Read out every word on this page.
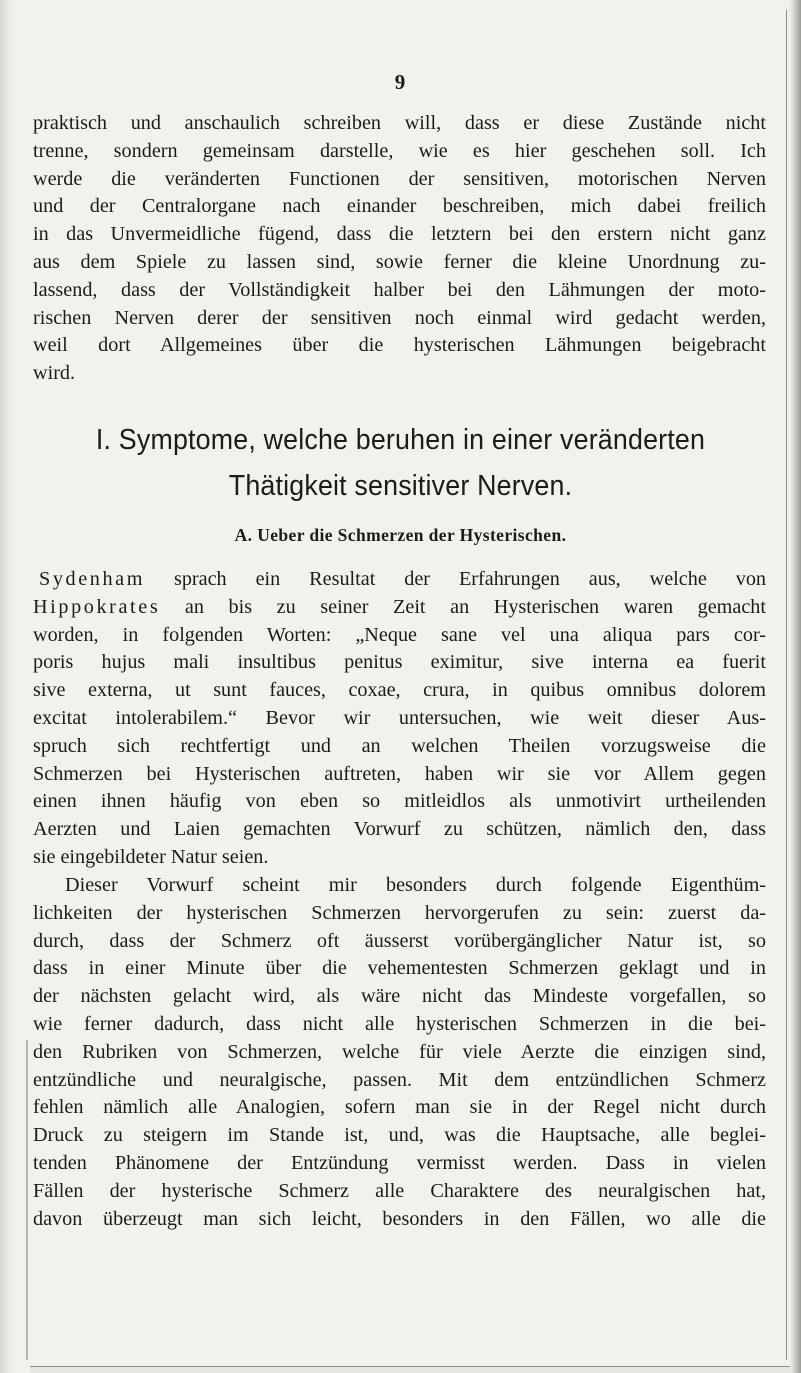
9
praktisch und anschaulich schreiben will, dass er diese Zustände nicht
trenne, sondern gemeinsam darstelle, wie es hier geschehen soll. Ich
werde die veränderten Functionen der sensitiven, motorischen Nerven
und der Centralorgane nach einander beschreiben, mich dabei freilich
in das Unvermeidliche fügend, dass die letztern bei den erstern nicht ganz
aus dem Spiele zu lassen sind, sowie ferner die kleine Unordnung zu-
lassend, dass der Vollständigkeit halber bei den Lähmungen der moto-
rischen Nerven derer der sensitiven noch einmal wird gedacht werden,
weil dort Allgemeines über die hysterischen Lähmungen beigebracht
wird.
I. Symptome, welche beruhen in einer veränderten
Thätigkeit sensitiver Nerven.
A. Ueber die Schmerzen der Hysterischen.
Sydenham sprach ein Resultat der Erfahrungen aus, welche von
Hippokrates an bis zu seiner Zeit an Hysterischen waren gemacht
worden, in folgenden Worten: „Neque sane vel una aliqua pars cor-
poris hujus mali insultibus penitus eximitur, sive interna ea fuerit
sive externa, ut sunt fauces, coxae, crura, in quibus omnibus dolorem
excitat intolerabilem.“ Bevor wir untersuchen, wie weit dieser Aus-
spruch sich rechtfertigt und an welchen Theilen vorzugsweise die
Schmerzen bei Hysterischen auftreten, haben wir sie vor Allem gegen
einen ihnen häufig von eben so mitleidlos als unmotivirt urtheilenden
Aerzten und Laien gemachten Vorwurf zu schützen, nämlich den, dass
sie eingebildeter Natur seien.
Dieser Vorwurf scheint mir besonders durch folgende Eigenthüm-
lichkeiten der hysterischen Schmerzen hervorgerufen zu sein: zuerst da-
durch, dass der Schmerz oft äusserst vorübergänglicher Natur ist, so
dass in einer Minute über die vehementesten Schmerzen geklagt und in
der nächsten gelacht wird, als wäre nicht das Mindeste vorgefallen, so
wie ferner dadurch, dass nicht alle hysterischen Schmerzen in die bei-
den Rubriken von Schmerzen, welche für viele Aerzte die einzigen sind,
entzündliche und neuralgische, passen. Mit dem entzündlichen Schmerz
fehlen nämlich alle Analogien, sofern man sie in der Regel nicht durch
Druck zu steigern im Stande ist, und, was die Hauptsache, alle beglei-
tenden Phänomene der Entzündung vermisst werden. Dass in vielen
Fällen der hysterische Schmerz alle Charaktere des neuralgischen hat,
davon überzeugt man sich leicht, besonders in den Fällen, wo alle die
